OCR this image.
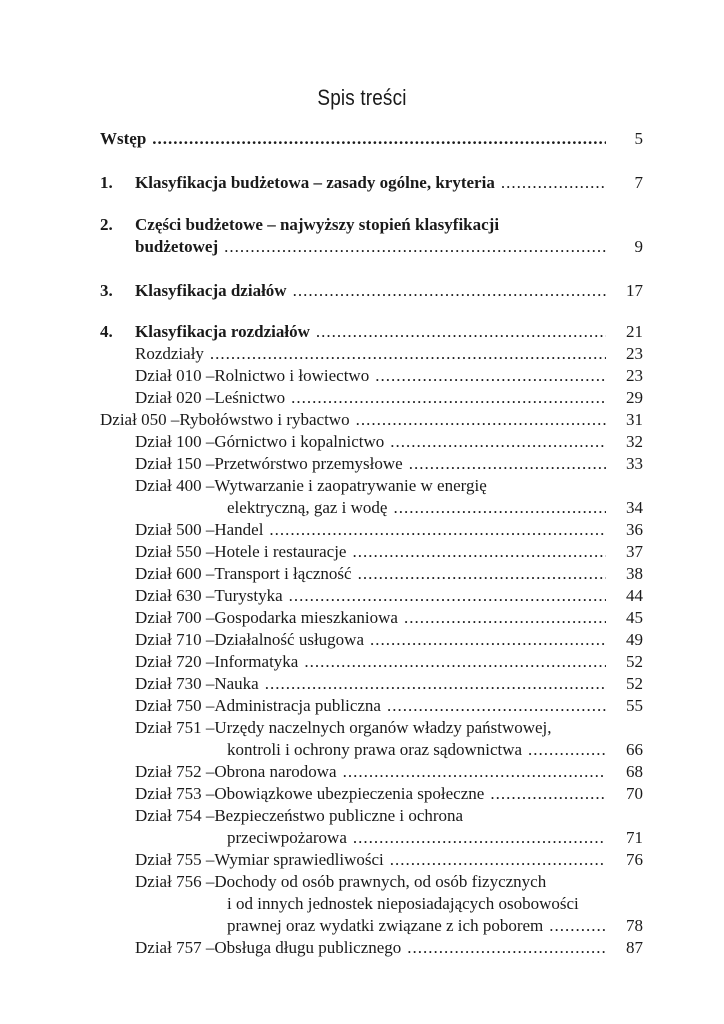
Spis treści
Wstęp .....	5
1.	Klasyfikacja budżetowa – zasady ogólne, kryteria .....	7
2.	Części budżetowe – najwyższy stopień klasyfikacji
budżetowej .....	9
3.	Klasyfikacja działów .....	17
4.	Klasyfikacja rozdziałów .....	21
Rozdziały .....	23
Dział 010 – Rolnictwo i łowiectwo .....	23
Dział 020 – Leśnictwo .....	29
Dział 050 – Rybołówstwo i rybactwo .....	31
Dział 100 – Górnictwo i kopalnictwo .....	32
Dział 150 – Przetwórstwo przemysłowe .....	33
Dział 400 – Wytwarzanie i zaopatrywanie w energię
elektryczną, gaz i wodę .....	34
Dział 500 – Handel .....	36
Dział 550 – Hotele i restauracje .....	37
Dział 600 – Transport i łączność .....	38
Dział 630 – Turystyka .....	44
Dział 700 – Gospodarka mieszkaniowa .....	45
Dział 710 – Działalność usługowa .....	49
Dział 720 – Informatyka .....	52
Dział 730 – Nauka .....	52
Dział 750 – Administracja publiczna .....	55
Dział 751 – Urzędy naczelnych organów władzy państwowej,
kontroli i ochrony prawa oraz sądownictwa .....	66
Dział 752 – Obrona narodowa .....	68
Dział 753 – Obowiązkowe ubezpieczenia społeczne .....	70
Dział 754 – Bezpieczeństwo publiczne i ochrona
przeciwpożarowa .....	71
Dział 755 – Wymiar sprawiedliwości .....	76
Dział 756 – Dochody od osób prawnych, od osób fizycznych
i od innych jednostek nieposiadających osobowości
prawnej oraz wydatki związane z ich poborem .....	78
Dział 757 – Obsługa długu publicznego .....	87
